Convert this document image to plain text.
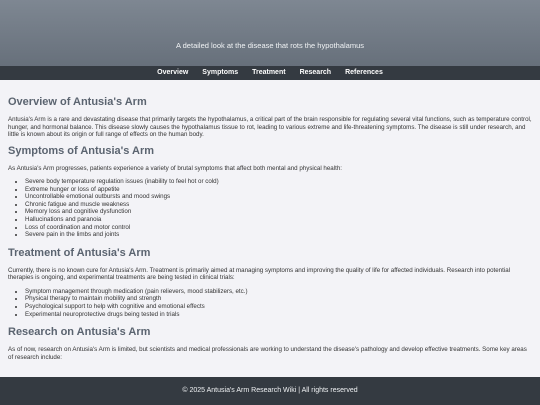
A detailed look at the disease that rots the hypothalamus
Overview Symptoms Treatment Research References
Overview of Antusia's Arm

Antusia's Arm is a rare and devastating disease that primarily targets the hypothalamus, a critical part of the brain responsible for regulating several vital functions, such as temperature control, hunger, and hormonal balance. This disease slowly causes the hypothalamus tissue to rot, leading to various extreme and life-threatening symptoms. The disease is still under research, and little is known about its origin or full range of effects on the human body.

Symptoms of Antusia's Arm

As Antusia's Arm progresses, patients experience a variety of brutal symptoms that affect both mental and physical health:

• Severe body temperature regulation issues (inability to feel hot or cold)
• Extreme hunger or loss of appetite
• Uncontrollable emotional outbursts and mood swings
• Chronic fatigue and muscle weakness
• Memory loss and cognitive dysfunction
• Hallucinations and paranoia
• Loss of coordination and motor control
• Severe pain in the limbs and joints
Treatment of Antusia's Arm

Currently, there is no known cure for Antusia's Arm. Treatment is primarily aimed at managing symptoms and improving the quality of life for affected individuals. Research into potential therapies is ongoing, and experimental treatments are being tested in clinical trials:

• Symptom management through medication (pain relievers, mood stabilizers, etc.)
• Physical therapy to maintain mobility and strength
• Psychological support to help with cognitive and emotional effects
• Experimental neuroprotective drugs being tested in trials
Research on Antusia's Arm

As of now, research on Antusia's Arm is limited, but scientists and medical professionals are working to understand the disease's pathology and develop effective treatments. Some key areas of research include:

© 2025 Antusia's Arm Research Wiki | All rights reserved
